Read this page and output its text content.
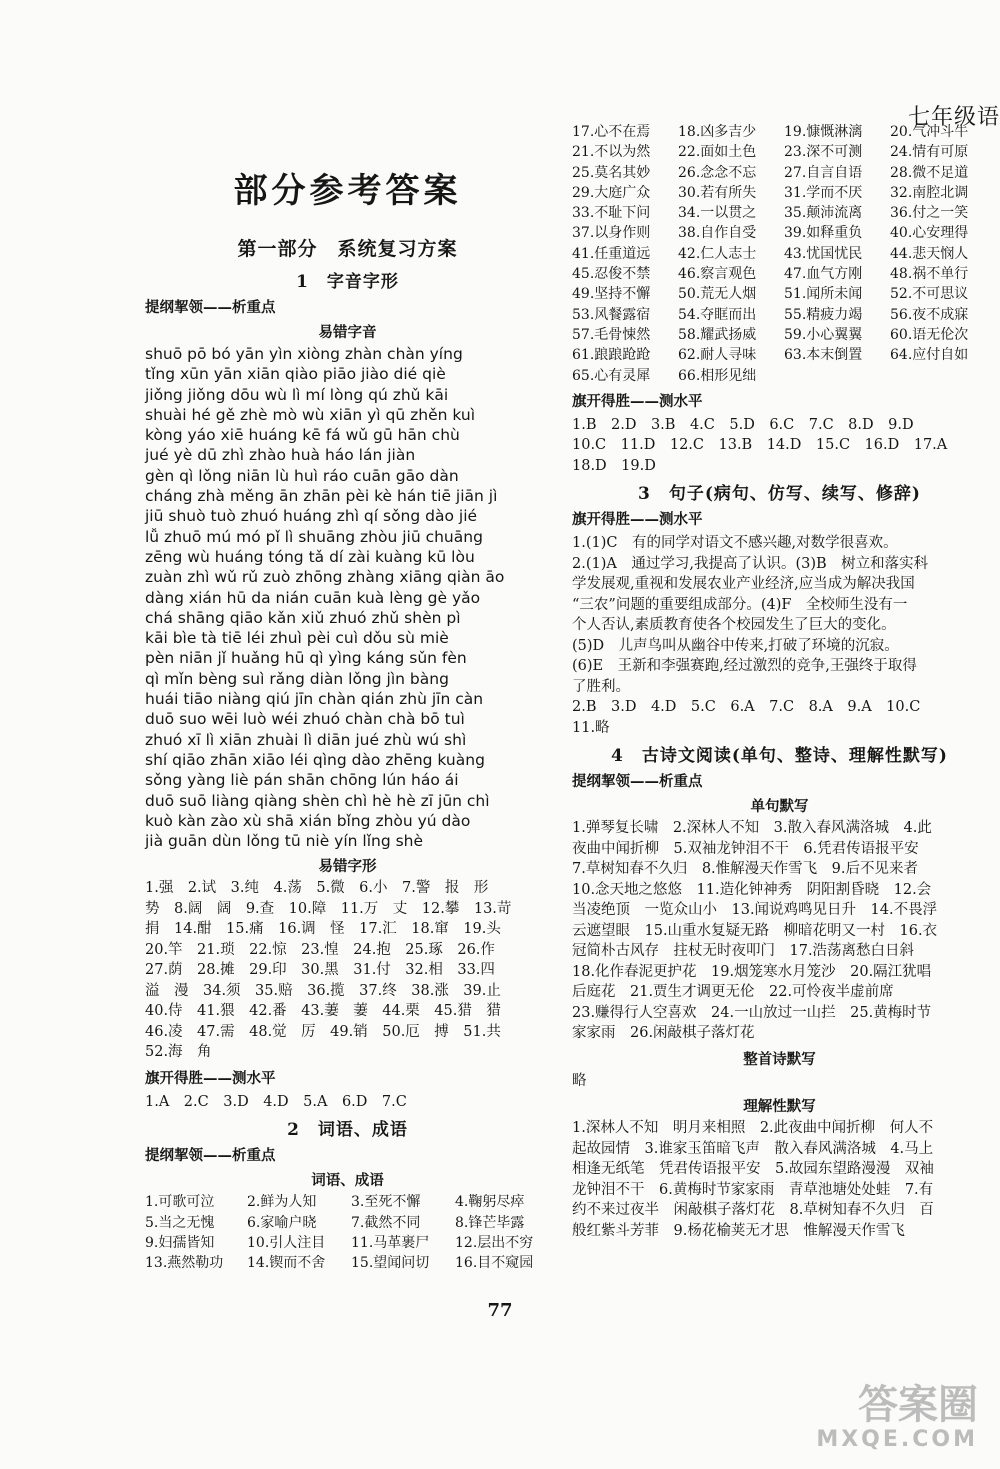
七年级语
部分参考答案
第一部分　系统复习方案
1　字音字形
提纲挈领——析重点
易错字音
shuō pō bó yān yìn xiòng zhàn chàn yíng
tǐng xūn yān xiān qiào piāo jiào dié qiè
jiǒng jiǒng dōu wù lì mí lòng qú zhǔ kāi
shuài hé gě zhè mò wù xiān yì qū zhěn kuì
kòng yáo xiē huáng kē fá wǔ gū hān chù
jué yè dū zhì zhào huà háo lán jiàn
gèn qì lǒng niān lù huì ráo cuān gāo dàn
cháng zhà měng ān zhān pèi kè hán tiē jiān jì
jiū shuò tuò zhuó huáng zhì qí sǒng dào jié
lǚ zhuō mú mó pǐ lì shuāng zhòu jiū chuāng
zēng wù huáng tóng tǎ dí zài kuàng kū lòu
zuàn zhì wǔ rǔ zuò zhōng zhàng xiāng qiàn āo
dàng xián hū da nián cuān kuà lèng gè yǎo
chá shāng qiāo kǎn xiǔ zhuó zhǔ shèn pì
kāi bìe tà tiē léi zhuì pèi cuì dǒu sù miè
pèn niān jǐ huǎng hū qì yìng káng sǔn fèn
qì mǐn bèng suì rǎng diàn lǒng jìn bàng
huái tiāo niàng qiú jīn chàn qián zhù jīn càn
duō suo wēi luò wéi zhuó chàn chà bō tuì
zhuó xī lì xiān zhuài lì diān jué zhù wú shì
shí qiāo zhān xiāo léi qìng dào zhēng kuàng
sǒng yàng liè pán shān chōng lún háo ái
duō suō liàng qiàng shèn chì hè hè zī jūn chì
kuò kàn zào xù shā xián bǐng zhòu yú dào
jià guān dùn lǒng tū niè yín lǐng shè
易错字形
1.强　2.试　3.纯　4.荡　5.微　6.小　7.警　报　形
势　8.阔　阔　9.查　10.障　11.万　丈　12.攀　13.苛
捐　14.酣　15.痛　16.调　怪　17.汇　18.窜　19.头
20.竿　21.琐　22.惊　23.惶　24.抱　25.琢　26.作
27.荫　28.摊　29.印　30.黑　31.付　32.相　33.四
溢　漫　34.须　35.赔　36.揽　37.终　38.涨　39.止
40.侍　41.猥　42.番　43.萋　萋　44.栗　45.猎　猎
46.凌　47.需　48.觉　厉　49.销　50.厄　搏　51.共
52.海　角
旗开得胜——测水平
1.A　2.C　3.D　4.D　5.A　6.D　7.C
2　词语、成语
提纲挈领——析重点
词语、成语
1.可歌可泣	2.鲜为人知	3.至死不懈	4.鞠躬尽瘁
5.当之无愧	6.家喻户晓	7.截然不同	8.锋芒毕露
9.妇孺皆知	10.引人注目	11.马革裹尸	12.层出不穷
13.燕然勒功	14.锲而不舍	15.望闻问切	16.目不窥园
17.心不在焉	18.凶多吉少	19.慷慨淋漓	20.气冲斗牛
21.不以为然	22.面如土色	23.深不可测	24.情有可原
25.莫名其妙	26.念念不忘	27.自言自语	28.微不足道
29.大庭广众	30.若有所失	31.学而不厌	32.南腔北调
33.不耻下问	34.一以贯之	35.颠沛流离	36.付之一笑
37.以身作则	38.自作自受	39.如释重负	40.心安理得
41.任重道远	42.仁人志士	43.忧国忧民	44.悲天悯人
45.忍俊不禁	46.察言观色	47.血气方刚	48.祸不单行
49.坚持不懈	50.荒无人烟	51.闻所未闻	52.不可思议
53.风餐露宿	54.夺眶而出	55.精疲力竭	56.夜不成寐
57.毛骨悚然	58.耀武扬威	59.小心翼翼	60.语无伦次
61.踉踉跄跄	62.耐人寻味	63.本末倒置	64.应付自如
65.心有灵犀	66.相形见绌
旗开得胜——测水平
1.B　2.D　3.B　4.C　5.D　6.C　7.C　8.D　9.D
10.C　11.D　12.C　13.B　14.D　15.C　16.D　17.A
18.D　19.D
3　句子(病句、仿写、续写、修辞)
旗开得胜——测水平
1.(1)C　有的同学对语文不感兴趣,对数学很喜欢。
2.(1)A　通过学习,我提高了认识。(3)B　树立和落实科
学发展观,重视和发展农业产业经济,应当成为解决我国
“三农”问题的重要组成部分。(4)F　全校师生没有一
个人否认,素质教育使各个校园发生了巨大的变化。
(5)D　儿声鸟叫从幽谷中传来,打破了环境的沉寂。
(6)E　王新和李强赛跑,经过激烈的竞争,王强终于取得
了胜利。
2.B　3.D　4.D　5.C　6.A　7.C　8.A　9.A　10.C
11.略
4　古诗文阅读(单句、整诗、理解性默写)
提纲挈领——析重点
单句默写
1.弹琴复长啸　2.深林人不知　3.散入春风满洛城　4.此
夜曲中闻折柳　5.双袖龙钟泪不干　6.凭君传语报平安
7.草树知春不久归　8.惟解漫天作雪飞　9.后不见来者
10.念天地之悠悠　11.造化钟神秀　阴阳割昏晓　12.会
当凌绝顶　一览众山小　13.闻说鸡鸣见日升　14.不畏浮
云遮望眼　15.山重水复疑无路　柳暗花明又一村　16.衣
冠简朴古风存　拄杖无时夜叩门　17.浩荡离愁白日斜
18.化作春泥更护花　19.烟笼寒水月笼沙　20.隔江犹唱
后庭花　21.贾生才调更无伦　22.可怜夜半虚前席
23.赚得行人空喜欢　24.一山放过一山拦　25.黄梅时节
家家雨　26.闲敲棋子落灯花
整首诗默写
略
理解性默写
1.深林人不知　明月来相照　2.此夜曲中闻折柳　何人不
起故园情　3.谁家玉笛暗飞声　散入春风满洛城　4.马上
相逢无纸笔　凭君传语报平安　5.故园东望路漫漫　双袖
龙钟泪不干　6.黄梅时节家家雨　青草池塘处处蛙　7.有
约不来过夜半　闲敲棋子落灯花　8.草树知春不久归　百
般红紫斗芳菲　9.杨花榆荚无才思　惟解漫天作雪飞
77
答案圈
MXQE.COM
